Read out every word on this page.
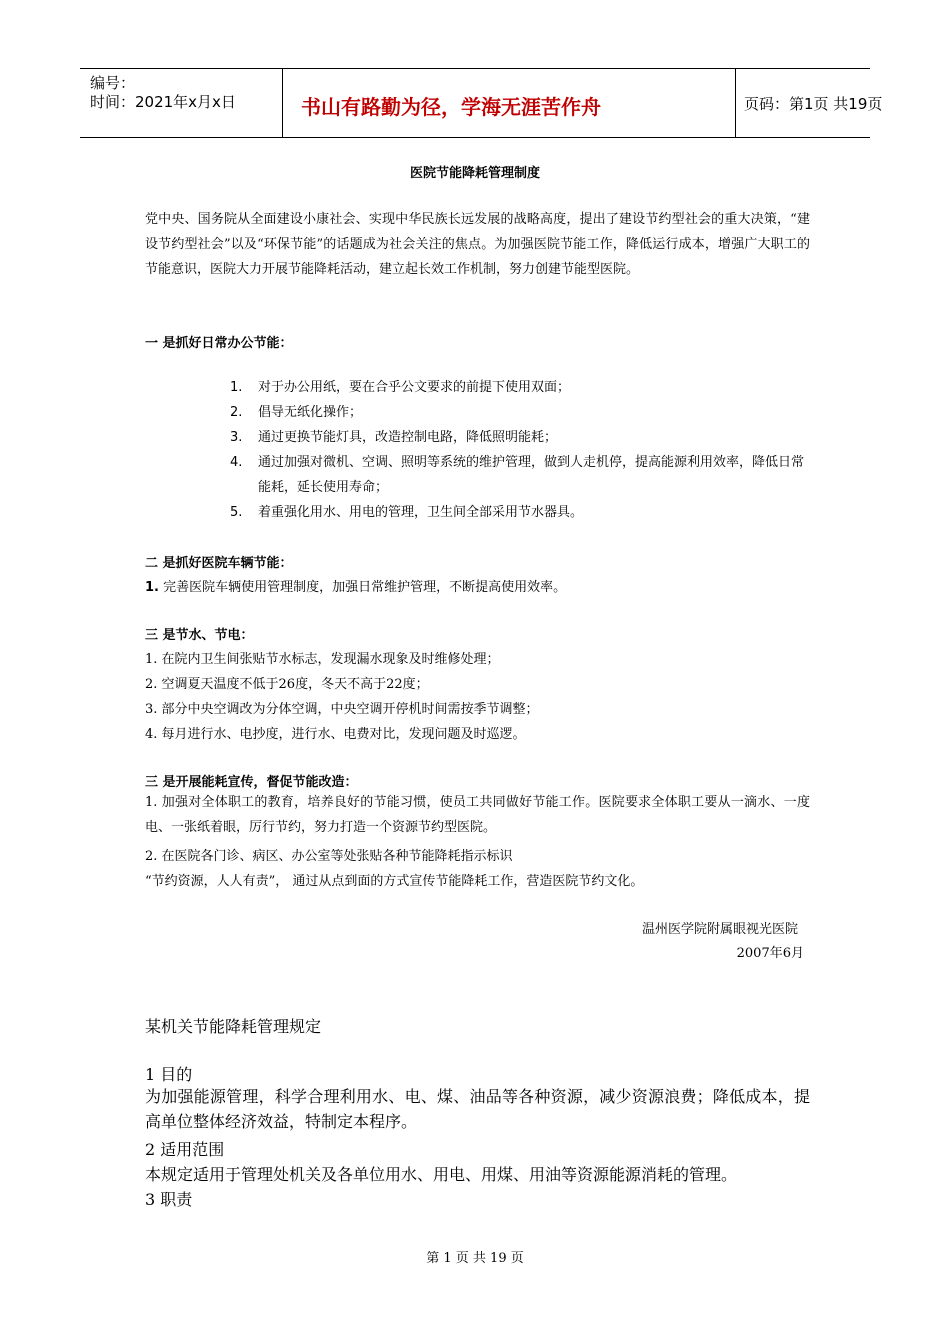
编号：
时间：2021年x月x日	书山有路勤为径，学海无涯苦作舟	页码：第1页 共19页
医院节能降耗管理制度
党中央、国务院从全面建设小康社会、实现中华民族长远发展的战略高度，提出了建设节约型社会的重大决策，“建设节约型社会”以及“环保节能”的话题成为社会关注的焦点。为加强医院节能工作，降低运行成本，增强广大职工的节能意识，医院大力开展节能降耗活动，建立起长效工作机制，努力创建节能型医院。
一 是抓好日常办公节能：
1. 对于办公用纸，要在合乎公文要求的前提下使用双面；
2. 倡导无纸化操作；
3. 通过更换节能灯具，改造控制电路，降低照明能耗；
4. 通过加强对微机、空调、照明等系统的维护管理，做到人走机停，提高能源利用效率，降低日常能耗，延长使用寿命；
5. 着重强化用水、用电的管理，卫生间全部采用节水器具。
二 是抓好医院车辆节能：
1. 完善医院车辆使用管理制度，加强日常维护管理，不断提高使用效率。
三 是节水、节电：
1. 在院内卫生间张贴节水标志，发现漏水现象及时维修处理；
2. 空调夏天温度不低于26度，冬天不高于22度；
3. 部分中央空调改为分体空调，中央空调开停机时间需按季节调整；
4. 每月进行水、电抄度，进行水、电费对比，发现问题及时巡逻。
三 是开展能耗宣传，督促节能改造：
1. 加强对全体职工的教育，培养良好的节能习惯，使员工共同做好节能工作。医院要求全体职工要从一滴水、一度电、一张纸着眼，厉行节约，努力打造一个资源节约型医院。
2. 在医院各门诊、病区、办公室等处张贴各种节能降耗指示标识
“节约资源，人人有责”， 通过从点到面的方式宣传节能降耗工作，营造医院节约文化。
温州医学院附属眼视光医院
2007年6月
某机关节能降耗管理规定
1 目的
为加强能源管理，科学合理利用水、电、煤、油品等各种资源，减少资源浪费；降低成本，提高单位整体经济效益，特制定本程序。
2 适用范围
本规定适用于管理处机关及各单位用水、用电、用煤、用油等资源能源消耗的管理。
3 职责
第 1 页 共 19 页
